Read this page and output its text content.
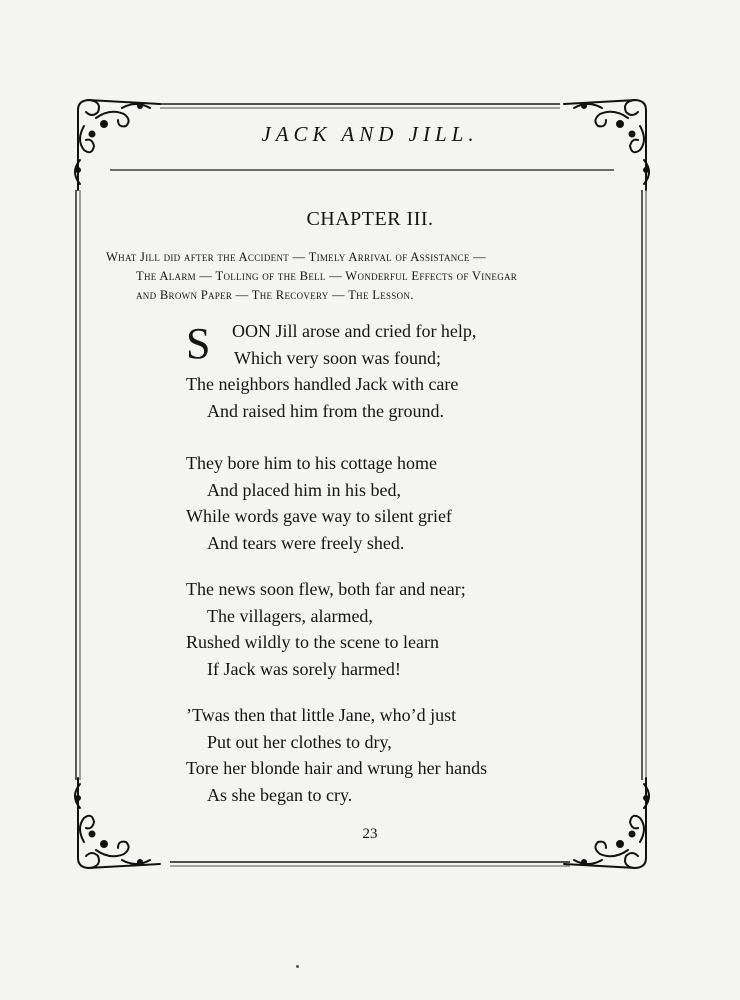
JACK AND JILL.
CHAPTER III.
What Jill did after the Accident — Timely Arrival of Assistance —
The Alarm — Tolling of the Bell — Wonderful Effects of Vinegar
and Brown Paper — The Recovery — The Lesson.
S OON Jill arose and cried for help,
Which very soon was found;
The neighbors handled Jack with care
And raised him from the ground.
They bore him to his cottage home
And placed him in his bed,
While words gave way to silent grief
And tears were freely shed.
The news soon flew, both far and near;
The villagers, alarmed,
Rushed wildly to the scene to learn
If Jack was sorely harmed!
’Twas then that little Jane, who’d just
Put out her clothes to dry,
Tore her blonde hair and wrung her hands
As she began to cry.
23
